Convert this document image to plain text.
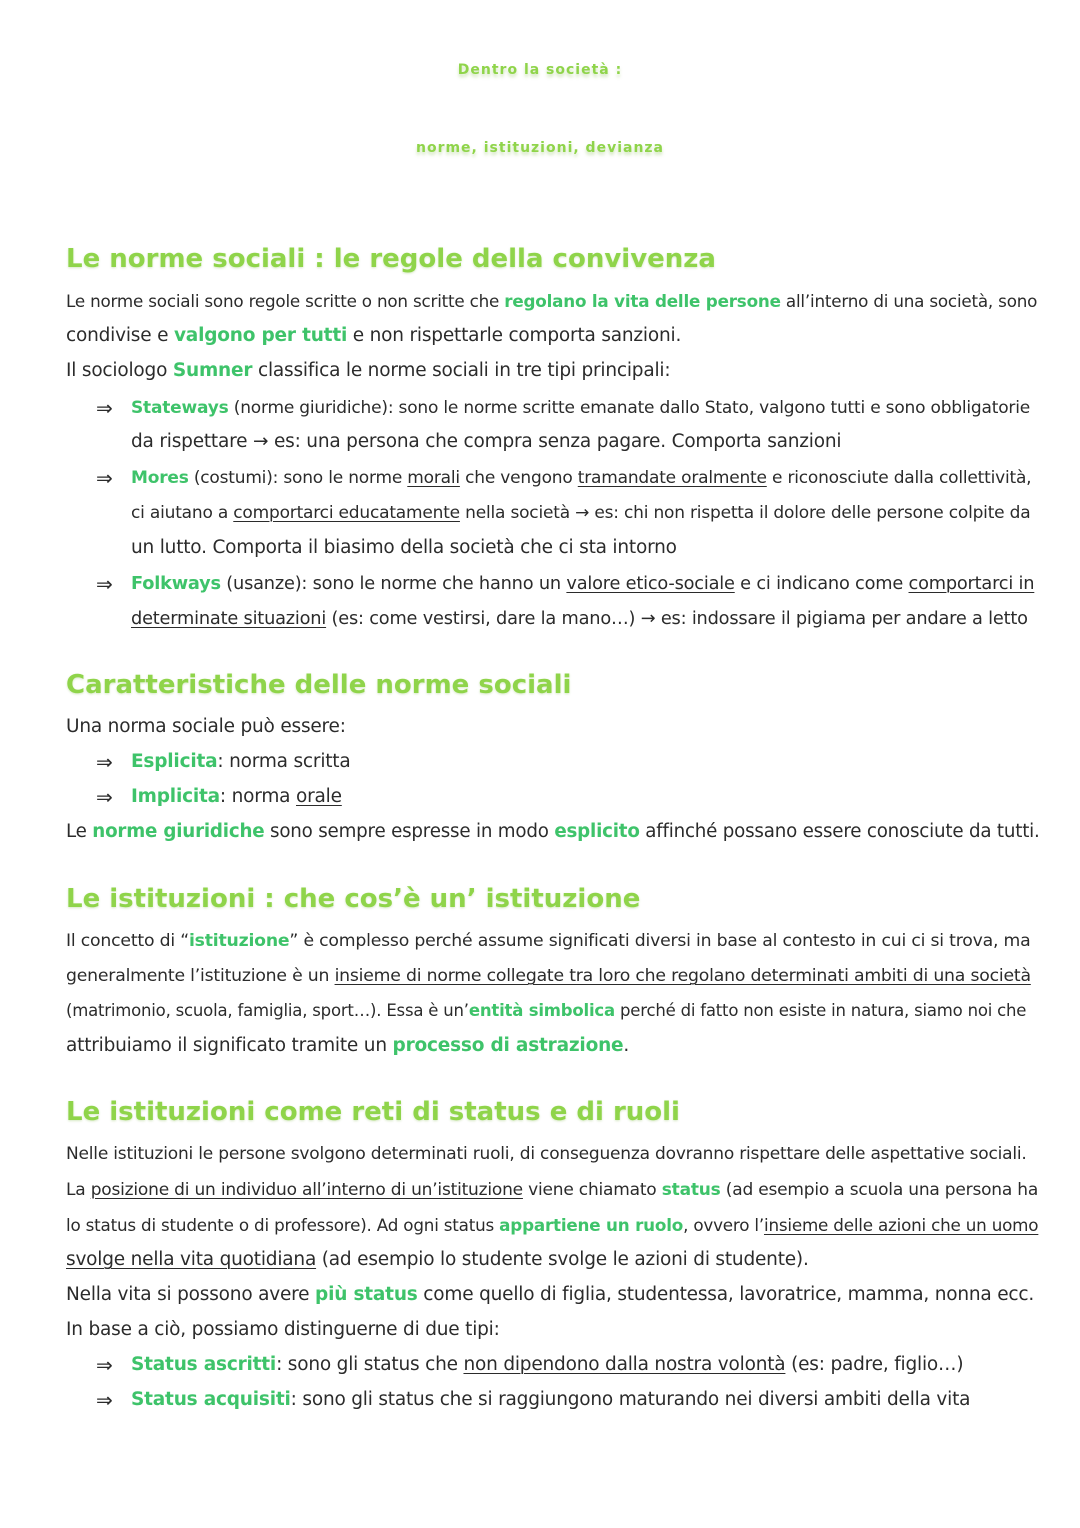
Dentro la società :
norme, istituzioni, devianza
Le norme sociali : le regole della convivenza
Le norme sociali sono regole scritte o non scritte che regolano la vita delle persone all’interno di una società, sono
condivise e valgono per tutti e non rispettarle comporta sanzioni.
Il sociologo Sumner classifica le norme sociali in tre tipi principali:
⇒ Stateways (norme giuridiche): sono le norme scritte emanate dallo Stato, valgono tutti e sono obbligatorie
da rispettare → es: una persona che compra senza pagare. Comporta sanzioni
⇒ Mores (costumi): sono le norme morali che vengono tramandate oralmente e riconosciute dalla collettività,
ci aiutano a comportarci educatamente nella società → es: chi non rispetta il dolore delle persone colpite da
un lutto. Comporta il biasimo della società che ci sta intorno
⇒ Folkways (usanze): sono le norme che hanno un valore etico-sociale e ci indicano come comportarci in
determinate situazioni (es: come vestirsi, dare la mano…) → es: indossare il pigiama per andare a letto
Caratteristiche delle norme sociali
Una norma sociale può essere:
⇒ Esplicita: norma scritta
⇒ Implicita: norma orale
Le norme giuridiche sono sempre espresse in modo esplicito affinché possano essere conosciute da tutti.
Le istituzioni : che cos’è un’ istituzione
Il concetto di “istituzione” è complesso perché assume significati diversi in base al contesto in cui ci si trova, ma
generalmente l’istituzione è un insieme di norme collegate tra loro che regolano determinati ambiti di una società
(matrimonio, scuola, famiglia, sport…). Essa è un’entità simbolica perché di fatto non esiste in natura, siamo noi che
attribuiamo il significato tramite un processo di astrazione.
Le istituzioni come reti di status e di ruoli
Nelle istituzioni le persone svolgono determinati ruoli, di conseguenza dovranno rispettare delle aspettative sociali.
La posizione di un individuo all’interno di un’istituzione viene chiamato status (ad esempio a scuola una persona ha
lo status di studente o di professore). Ad ogni status appartiene un ruolo, ovvero l’insieme delle azioni che un uomo
svolge nella vita quotidiana (ad esempio lo studente svolge le azioni di studente).
Nella vita si possono avere più status come quello di figlia, studentessa, lavoratrice, mamma, nonna ecc.
In base a ciò, possiamo distinguerne di due tipi:
⇒ Status ascritti: sono gli status che non dipendono dalla nostra volontà (es: padre, figlio…)
⇒ Status acquisiti: sono gli status che si raggiungono maturando nei diversi ambiti della vita
